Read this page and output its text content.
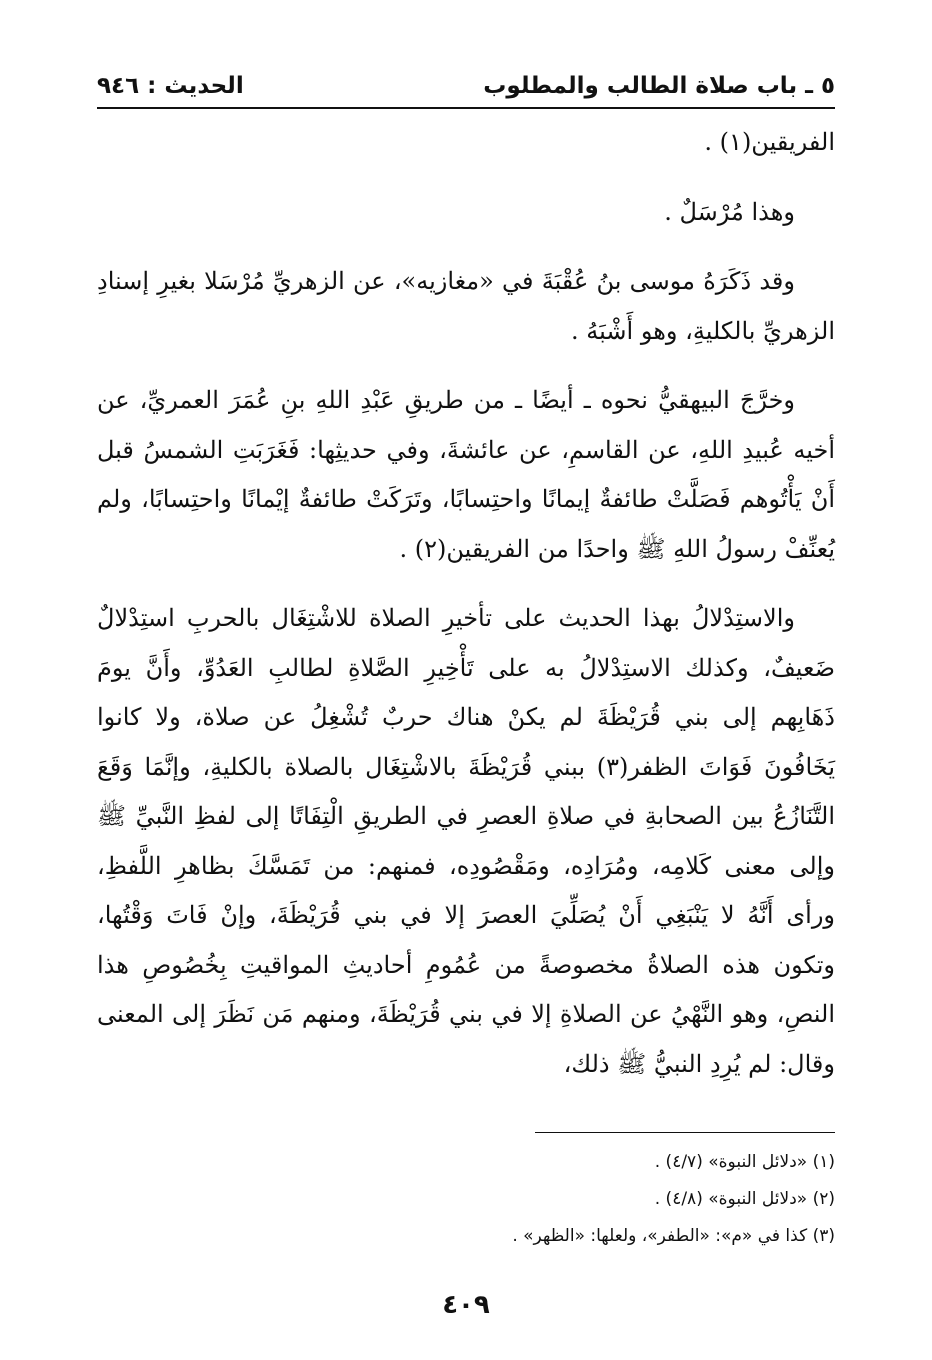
٥ ـ باب صلاة الطالب والمطلوب
الحديث : ٩٤٦

الفريقين(١) .

وهذا مُرْسَلٌ .

وقد ذَكَرَهُ موسى بنُ عُقْبَةَ في «مغازيه»، عن الزهريِّ مُرْسَلا بغيرِ إسنادِ الزهريِّ بالكليةِ، وهو أَشْبَهُ .

وخرَّجَ البيهقيُّ نحوه ـ أيضًا ـ من طريقِ عَبْدِ اللهِ بنِ عُمَرَ العمريِّ، عن أخيه عُبيدِ اللهِ، عن القاسمِ، عن عائشةَ، وفي حديثِها: فَغَرَبَتِ الشمسُ قبل أَنْ يَأْتُوهم فَصَلَّتْ طائفةٌ إيمانًا واحتِسابًا، وتَرَكَتْ طائفةٌ إيْمانًا واحتِسابًا، ولم يُعنِّفْ رسولُ اللهِ ﷺ واحدًا من الفريقين(٢) .

والاستِدْلالُ بهذا الحديث على تأخيرِ الصلاة للاشْتِغَال بالحربِ استِدْلالٌ ضَعيفٌ، وكذلك الاستِدْلالُ به على تَأْخِيرِ الصَّلاةِ لطالبِ العَدُوِّ، وأَنَّ يومَ ذَهَابِهم إلى بني قُرَيْظَةَ لم يكنْ هناك حربٌ تُشْغِلُ عن صلاة، ولا كانوا يَخَافُونَ فَوَاتَ الظفر(٣) ببني قُرَيْظَةَ بالاشْتِغَال بالصلاة بالكليةِ، وإنَّمَا وَقَعَ التَّنَازُعُ بين الصحابةِ في صلاةِ العصرِ في الطريقِ الْتِفَاتًا إلى لفظِ النَّبيِّ ﷺ وإلى معنى كَلامِه، ومُرَادِه، ومَقْصُودِه، فمنهم: من تَمَسَّكَ بظاهرِ اللَّفظِ، ورأى أَنَّهُ لا يَنْبَغِي أَنْ يُصَلِّيَ العصرَ إلا في بني قُرَيْظَةَ، وإنْ فَاتَ وَقْتُها، وتكون هذه الصلاةُ مخصوصةً من عُمُومِ أحاديثِ المواقيتِ بِخُصُوصِ هذا النصِ، وهو النَّهْيُ عن الصلاةِ إلا في بني قُرَيْظَةَ، ومنهم مَن نَظَرَ إلى المعنى وقال: لم يُرِدِ النبيُّ ﷺ ذلك،

(١) «دلائل النبوة» (٤/٧) .
(٢) «دلائل النبوة» (٤/٨) .
(٣) كذا في «م»: «الطفر»، ولعلها: «الظهر» .
٤٠٩
